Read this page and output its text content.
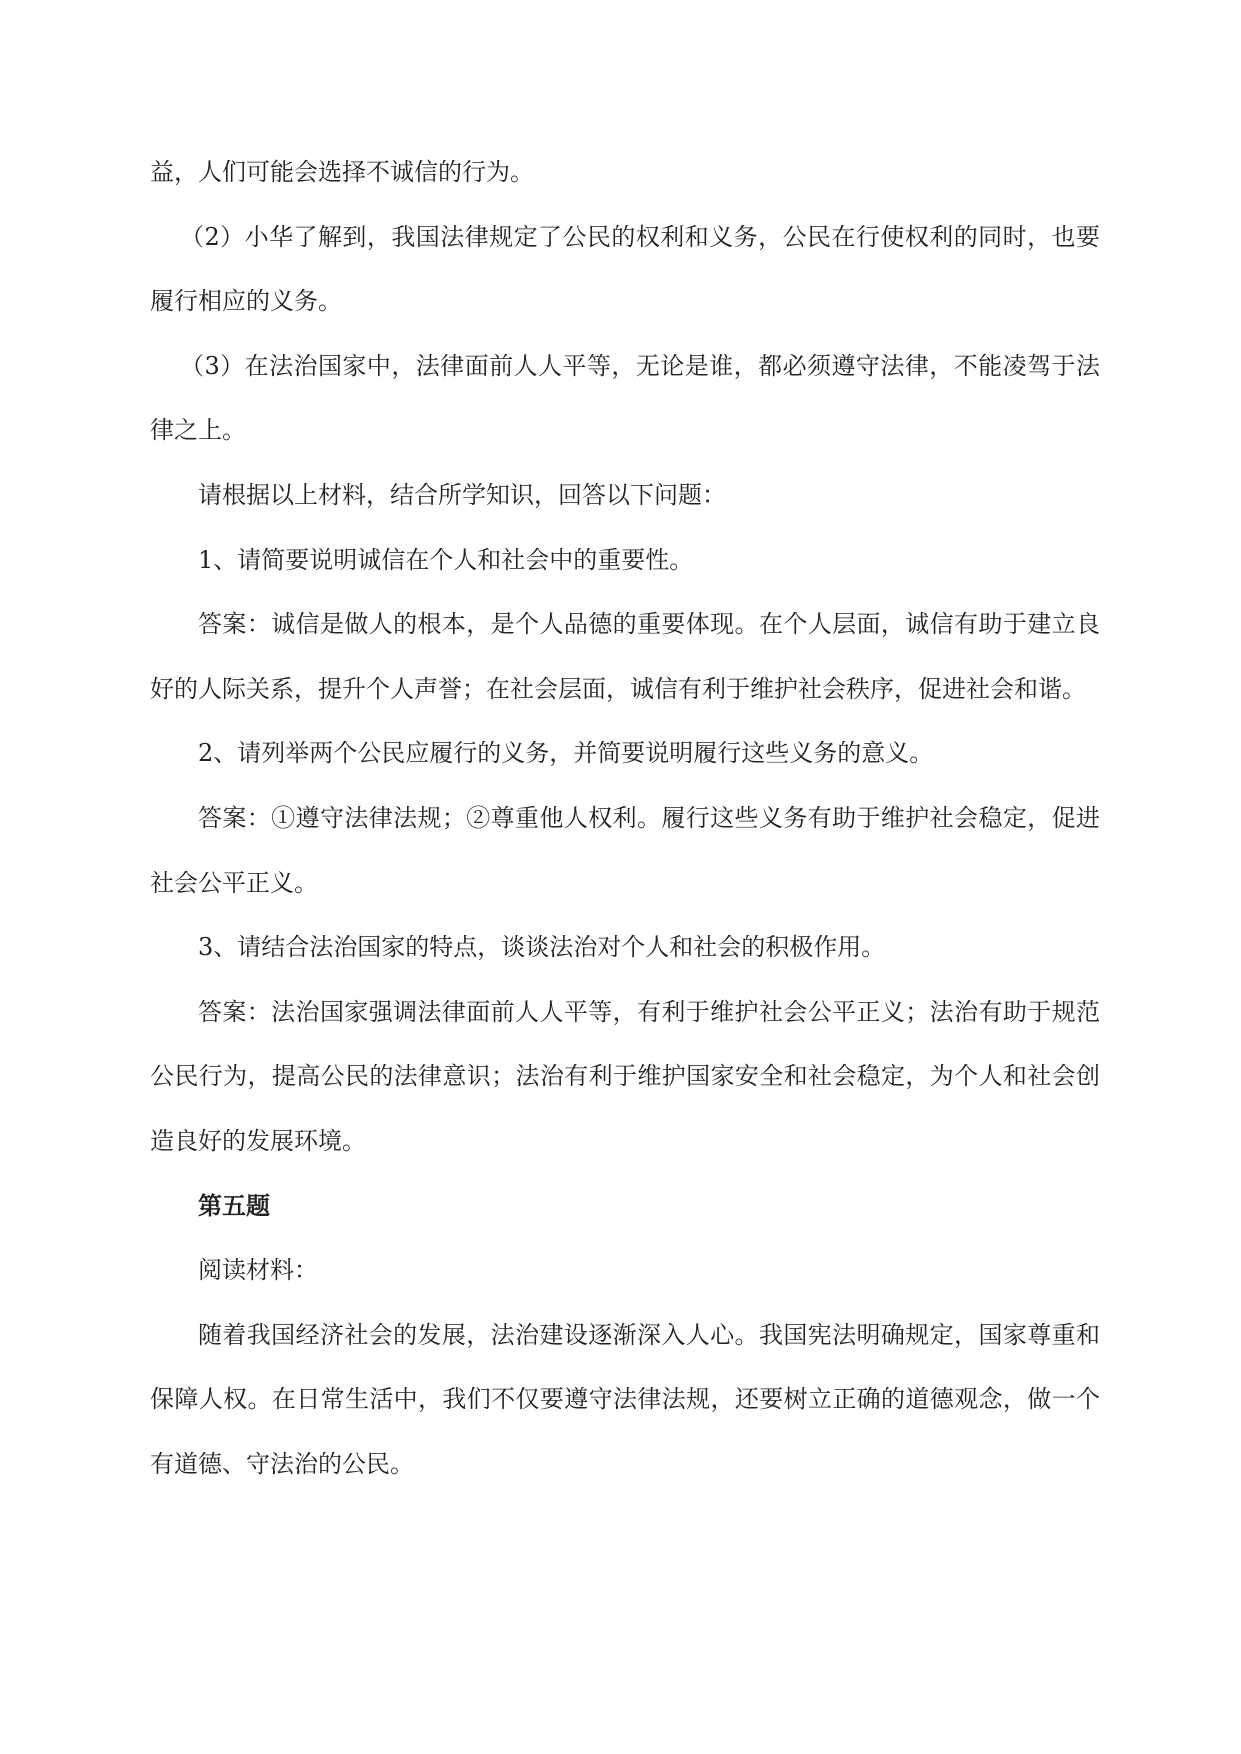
益，人们可能会选择不诚信的行为。

（2）小华了解到，我国法律规定了公民的权利和义务，公民在行使权利的同时，也要履行相应的义务。

（3）在法治国家中，法律面前人人平等，无论是谁，都必须遵守法律，不能凌驾于法律之上。

请根据以上材料，结合所学知识，回答以下问题：

1、请简要说明诚信在个人和社会中的重要性。

答案：诚信是做人的根本，是个人品德的重要体现。在个人层面，诚信有助于建立良好的人际关系，提升个人声誉；在社会层面，诚信有利于维护社会秩序，促进社会和谐。

2、请列举两个公民应履行的义务，并简要说明履行这些义务的意义。

答案：①遵守法律法规；②尊重他人权利。履行这些义务有助于维护社会稳定，促进社会公平正义。

3、请结合法治国家的特点，谈谈法治对个人和社会的积极作用。

答案：法治国家强调法律面前人人平等，有利于维护社会公平正义；法治有助于规范公民行为，提高公民的法律意识；法治有利于维护国家安全和社会稳定，为个人和社会创造良好的发展环境。

第五题

阅读材料：

随着我国经济社会的发展，法治建设逐渐深入人心。我国宪法明确规定，国家尊重和保障人权。在日常生活中，我们不仅要遵守法律法规，还要树立正确的道德观念，做一个有道德、守法治的公民。
